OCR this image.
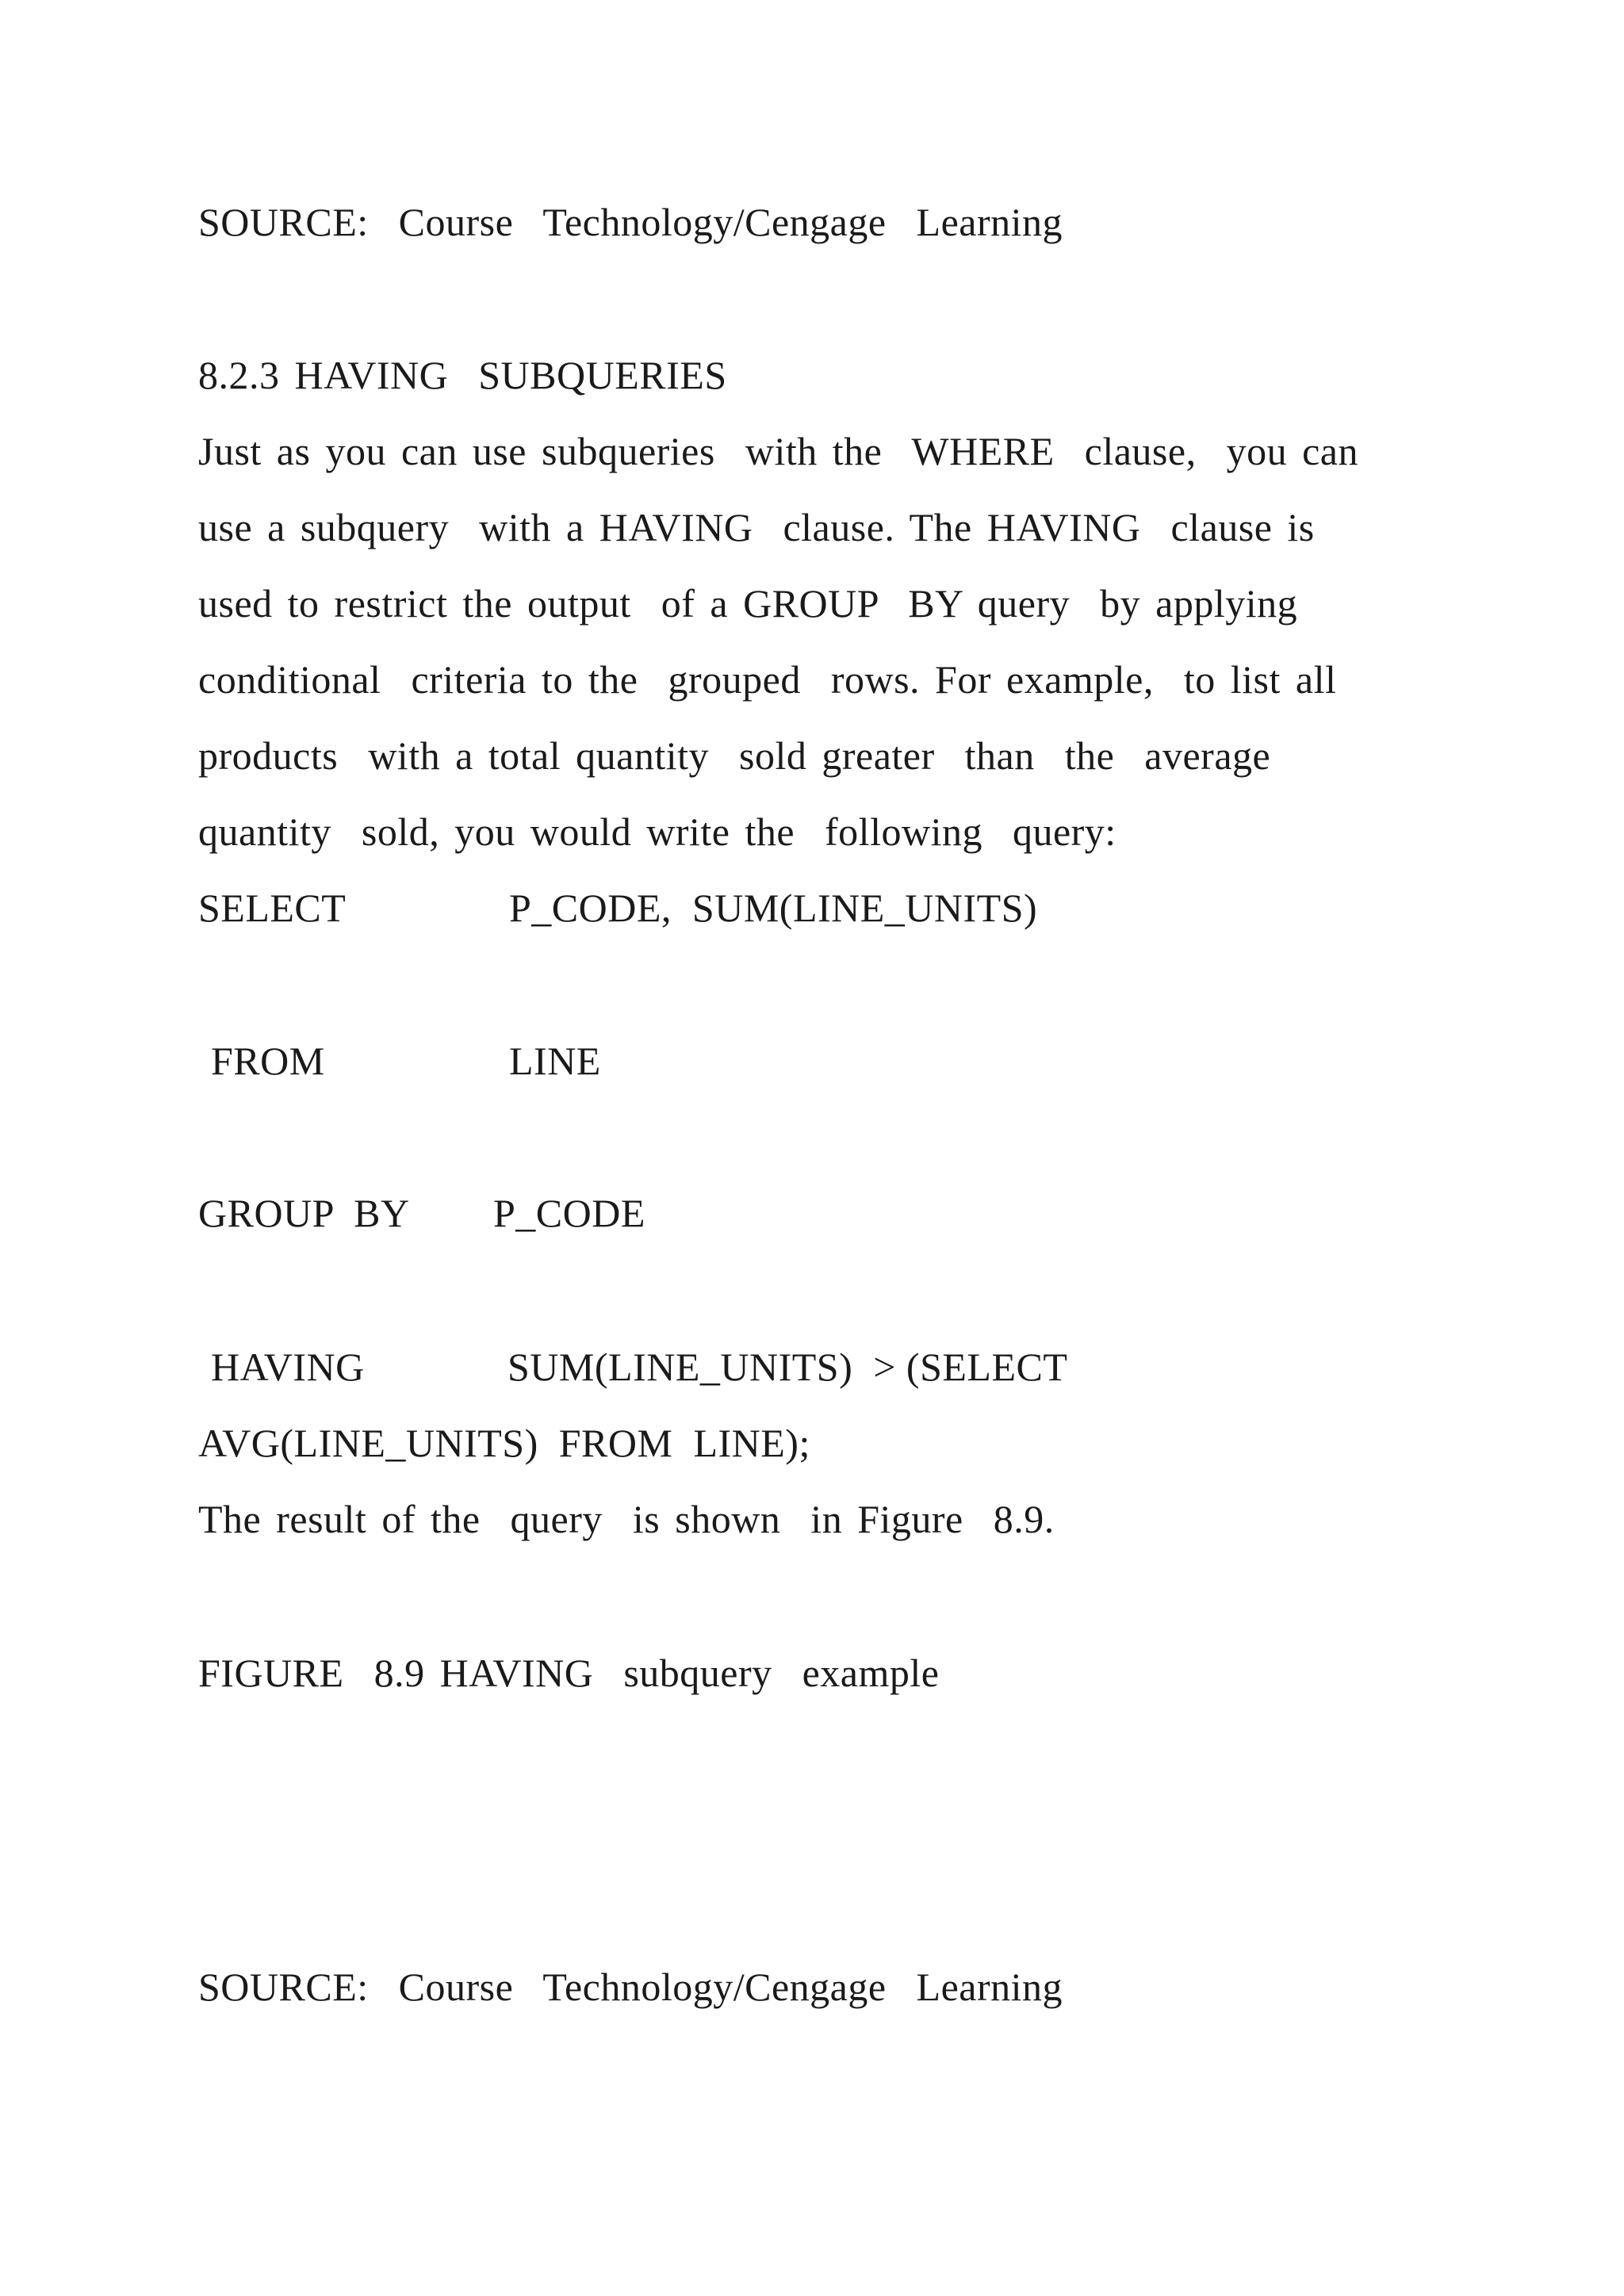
SOURCE:  Course  Technology/Cengage  Learning
8.2.3 HAVING  SUBQUERIES
Just as you can use subqueries  with the  WHERE  clause,  you can
use a subquery  with a HAVING  clause. The HAVING  clause is
used to restrict the output  of a GROUP  BY query  by applying
conditional  criteria to the  grouped  rows. For example,  to list all
products  with a total quantity  sold greater  than  the  average
quantity  sold, you would write the  following  query:
SELECT	P_CODE,  SUM(LINE_UNITS)
FROM	LINE
GROUP  BY P_CODE
HAVING	SUM(LINE_UNITS)  > (SELECT
AVG(LINE_UNITS)  FROM  LINE);
The result of the  query  is shown  in Figure  8.9.
FIGURE  8.9 HAVING  subquery  example
SOURCE:  Course  Technology/Cengage  Learning
